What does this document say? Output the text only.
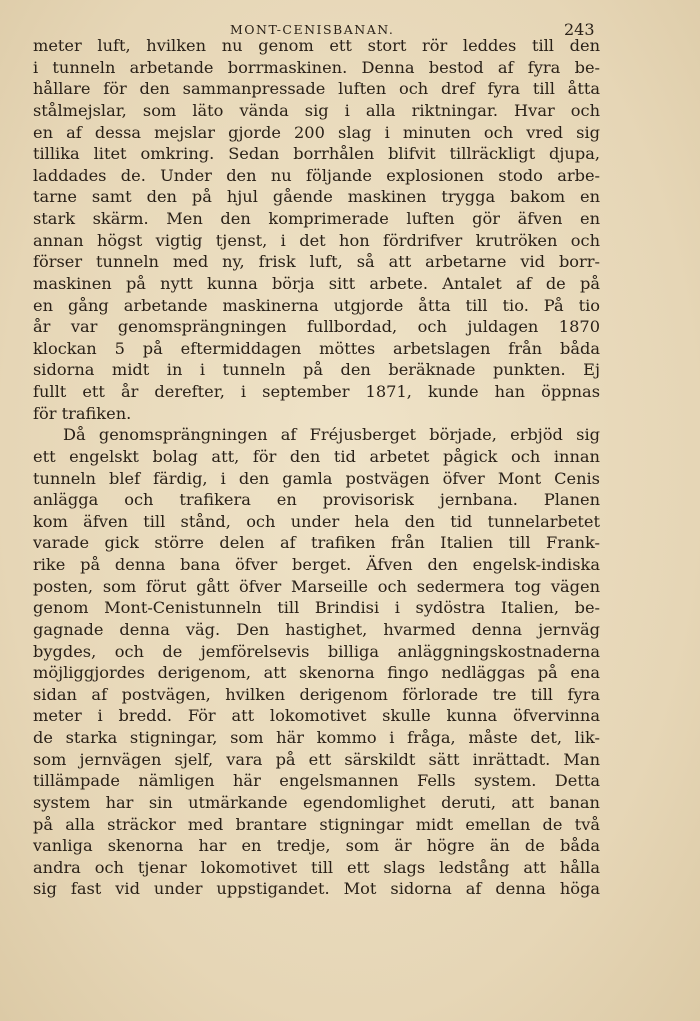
MONT-CENISBANAN.	243
meter luft, hvilken nu genom ett stort rör leddes till den
i tunneln arbetande borrmaskinen. Denna bestod af fyra be-
hållare för den sammanpressade luften och dref fyra till åtta
stålmejslar, som läto vända sig i alla riktningar. Hvar och
en af dessa mejslar gjorde 200 slag i minuten och vred sig
tillika litet omkring. Sedan borrhålen blifvit tillräckligt djupa,
laddades de. Under den nu följande explosionen stodo arbe-
tarne samt den på hjul gående maskinen trygga bakom en
stark skärm. Men den komprimerade luften gör äfven en
annan högst vigtig tjenst, i det hon fördrifver krutröken och
förser tunneln med ny, frisk luft, så att arbetarne vid borr-
maskinen på nytt kunna börja sitt arbete. Antalet af de på
en gång arbetande maskinerna utgjorde åtta till tio. På tio
år var genomsprängningen fullbordad, och juldagen 1870
klockan 5 på eftermiddagen möttes arbetslagen från båda
sidorna midt in i tunneln på den beräknade punkten. Ej
fullt ett år derefter, i september 1871, kunde han öppnas
för trafiken.
Då genomsprängningen af Fréjusberget började, erbjöd sig
ett engelskt bolag att, för den tid arbetet pågick och innan
tunneln blef färdig, i den gamla postvägen öfver Mont Cenis
anlägga och trafikera en provisorisk jernbana. Planen
kom äfven till stånd, och under hela den tid tunnelarbetet
varade gick större delen af trafiken från Italien till Frank-
rike på denna bana öfver berget. Äfven den engelsk-indiska
posten, som förut gått öfver Marseille och sedermera tog vägen
genom Mont-Cenistunneln till Brindisi i sydöstra Italien, be-
gagnade denna väg. Den hastighet, hvarmed denna jernväg
bygdes, och de jemförelsevis billiga anläggningskostnaderna
möjliggjordes derigenom, att skenorna fingo nedläggas på ena
sidan af postvägen, hvilken derigenom förlorade tre till fyra
meter i bredd. För att lokomotivet skulle kunna öfvervinna
de starka stigningar, som här kommo i fråga, måste det, lik-
som jernvägen sjelf, vara på ett särskildt sätt inrättadt. Man
tillämpade nämligen här engelsmannen Fells system. Detta
system har sin utmärkande egendomlighet deruti, att banan
på alla sträckor med brantare stigningar midt emellan de två
vanliga skenorna har en tredje, som är högre än de båda
andra och tjenar lokomotivet till ett slags ledstång att hålla
sig fast vid under uppstigandet. Mot sidorna af denna höga
